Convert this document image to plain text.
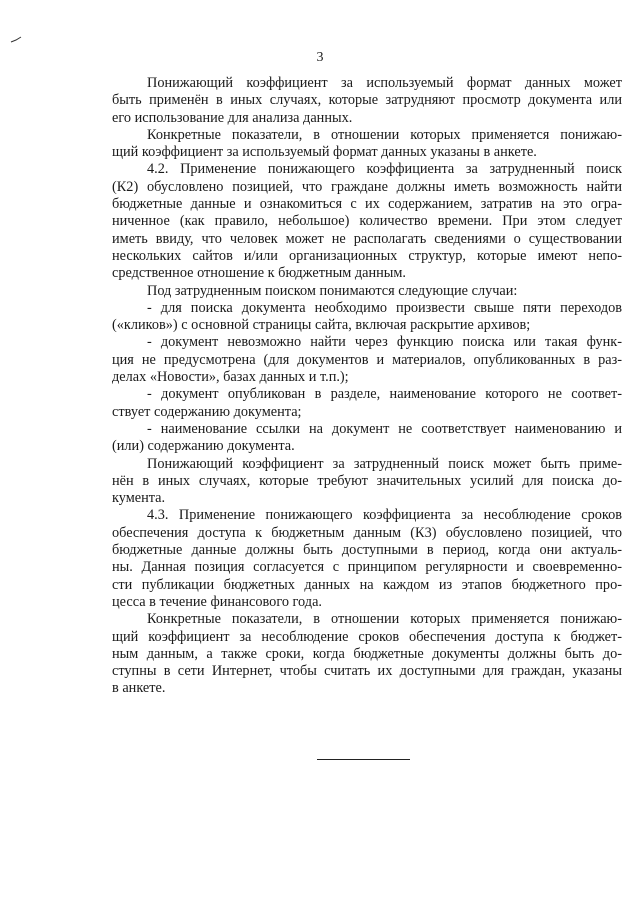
3
Понижающий коэффициент за используемый формат данных может
быть применён в иных случаях, которые затрудняют просмотр документа или
его использование для анализа данных.
Конкретные показатели, в отношении которых применяется понижаю-
щий коэффициент за используемый формат данных указаны в анкете.
4.2. Применение понижающего коэффициента за затрудненный поиск
(К2) обусловлено позицией, что граждане должны иметь возможность найти
бюджетные данные и ознакомиться с их содержанием, затратив на это огра-
ниченное (как правило, небольшое) количество времени. При этом следует
иметь ввиду, что человек может не располагать сведениями о существовании
нескольких сайтов и/или организационных структур, которые имеют непо-
средственное отношение к бюджетным данным.
Под затрудненным поиском понимаются следующие случаи:
- для поиска документа необходимо произвести свыше пяти переходов
(«кликов») с основной страницы сайта, включая раскрытие архивов;
- документ невозможно найти через функцию поиска или такая функ-
ция не предусмотрена (для документов и материалов, опубликованных в раз-
делах «Новости», базах данных и т.п.);
- документ опубликован в разделе, наименование которого не соответ-
ствует содержанию документа;
- наименование ссылки на документ не соответствует наименованию и
(или) содержанию документа.
Понижающий коэффициент за затрудненный поиск может быть приме-
нён в иных случаях, которые требуют значительных усилий для поиска до-
кумента.
4.3. Применение понижающего коэффициента за несоблюдение сроков
обеспечения доступа к бюджетным данным (К3) обусловлено позицией, что
бюджетные данные должны быть доступными в период, когда они актуаль-
ны. Данная позиция согласуется с принципом регулярности и своевременно-
сти публикации бюджетных данных на каждом из этапов бюджетного про-
цесса в течение финансового года.
Конкретные показатели, в отношении которых применяется понижаю-
щий коэффициент за несоблюдение сроков обеспечения доступа к бюджет-
ным данным, а также сроки, когда бюджетные документы должны быть до-
ступны в сети Интернет, чтобы считать их доступными для граждан, указаны
в анкете.
